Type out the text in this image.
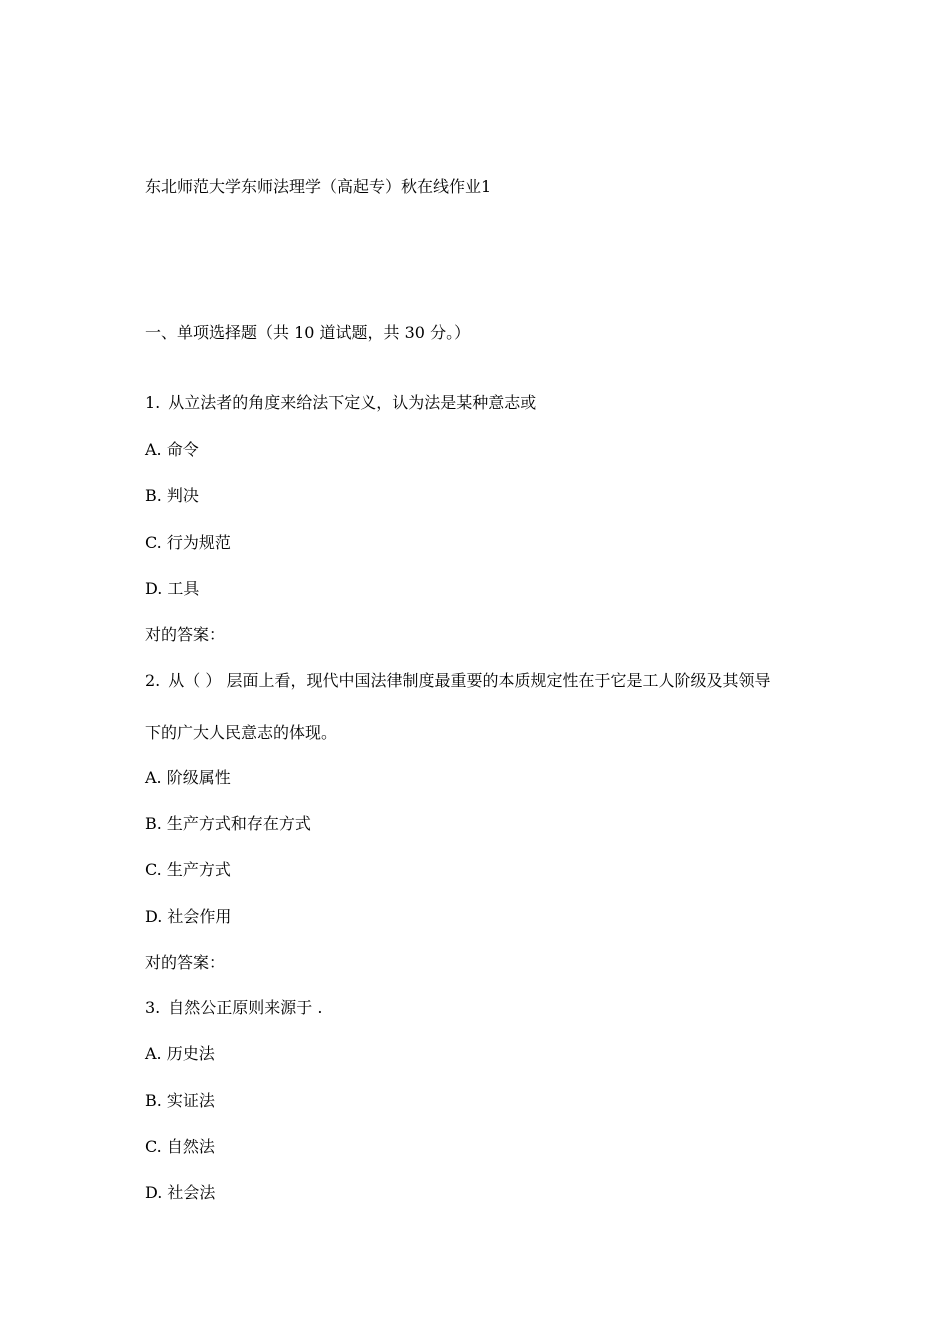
东北师范大学东师法理学（高起专）秋在线作业1
一、单项选择题（共 10 道试题，共 30 分。）
1. 从立法者的角度来给法下定义，认为法是某种意志或
A. 命令
B. 判决
C. 行为规范
D. 工具
对的答案：
2. 从（ ） 层面上看，现代中国法律制度最重要的本质规定性在于它是工人阶级及其领导
下的广大人民意志的体现。
A. 阶级属性
B. 生产方式和存在方式
C. 生产方式
D. 社会作用
对的答案：
3. 自然公正原则来源于 .
A. 历史法
B. 实证法
C. 自然法
D. 社会法
